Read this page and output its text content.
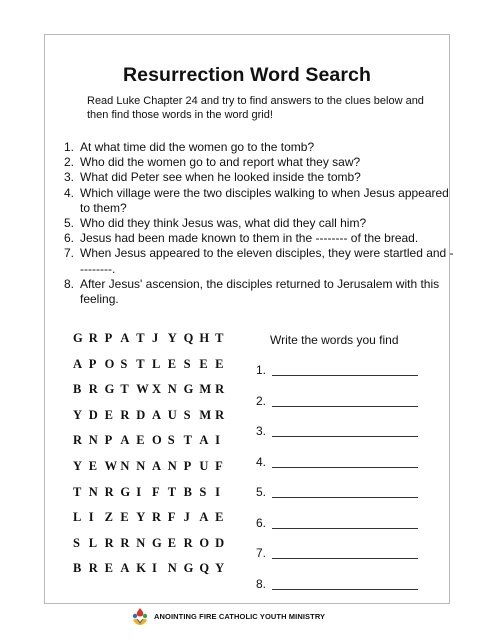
Resurrection Word Search
Read Luke Chapter 24 and try to find answers to the clues below and then find those words in the word grid!
1. At what time did the women go to the tomb?
2. Who did the women go to and report what they saw?
3. What did Peter see when he looked inside the tomb?
4. Which village were the two disciples walking to when Jesus appeared to them?
5. Who did they think Jesus was, what did they call him?
6. Jesus had been made known to them in the -------- of the bread.
7. When Jesus appeared to the eleven disciples, they were startled and ---------.
8. After Jesus' ascension, the disciples returned to Jerusalem with this feeling.
G R P A T J Y Q H T
A P O S T L E S E E
B R G T W X N G M R
Y D E R D A U S M R
R N P A E O S T A I
Y E W N N A N P U F
T N R G I F T B S I
L I Z E Y R F J A E
S L R R N G E R O D
B R E A K I N G Q Y
Write the words you find
1.
2.
3.
4.
5.
6.
7.
8.
ANOINTING FIRE CATHOLIC YOUTH MINISTRY
